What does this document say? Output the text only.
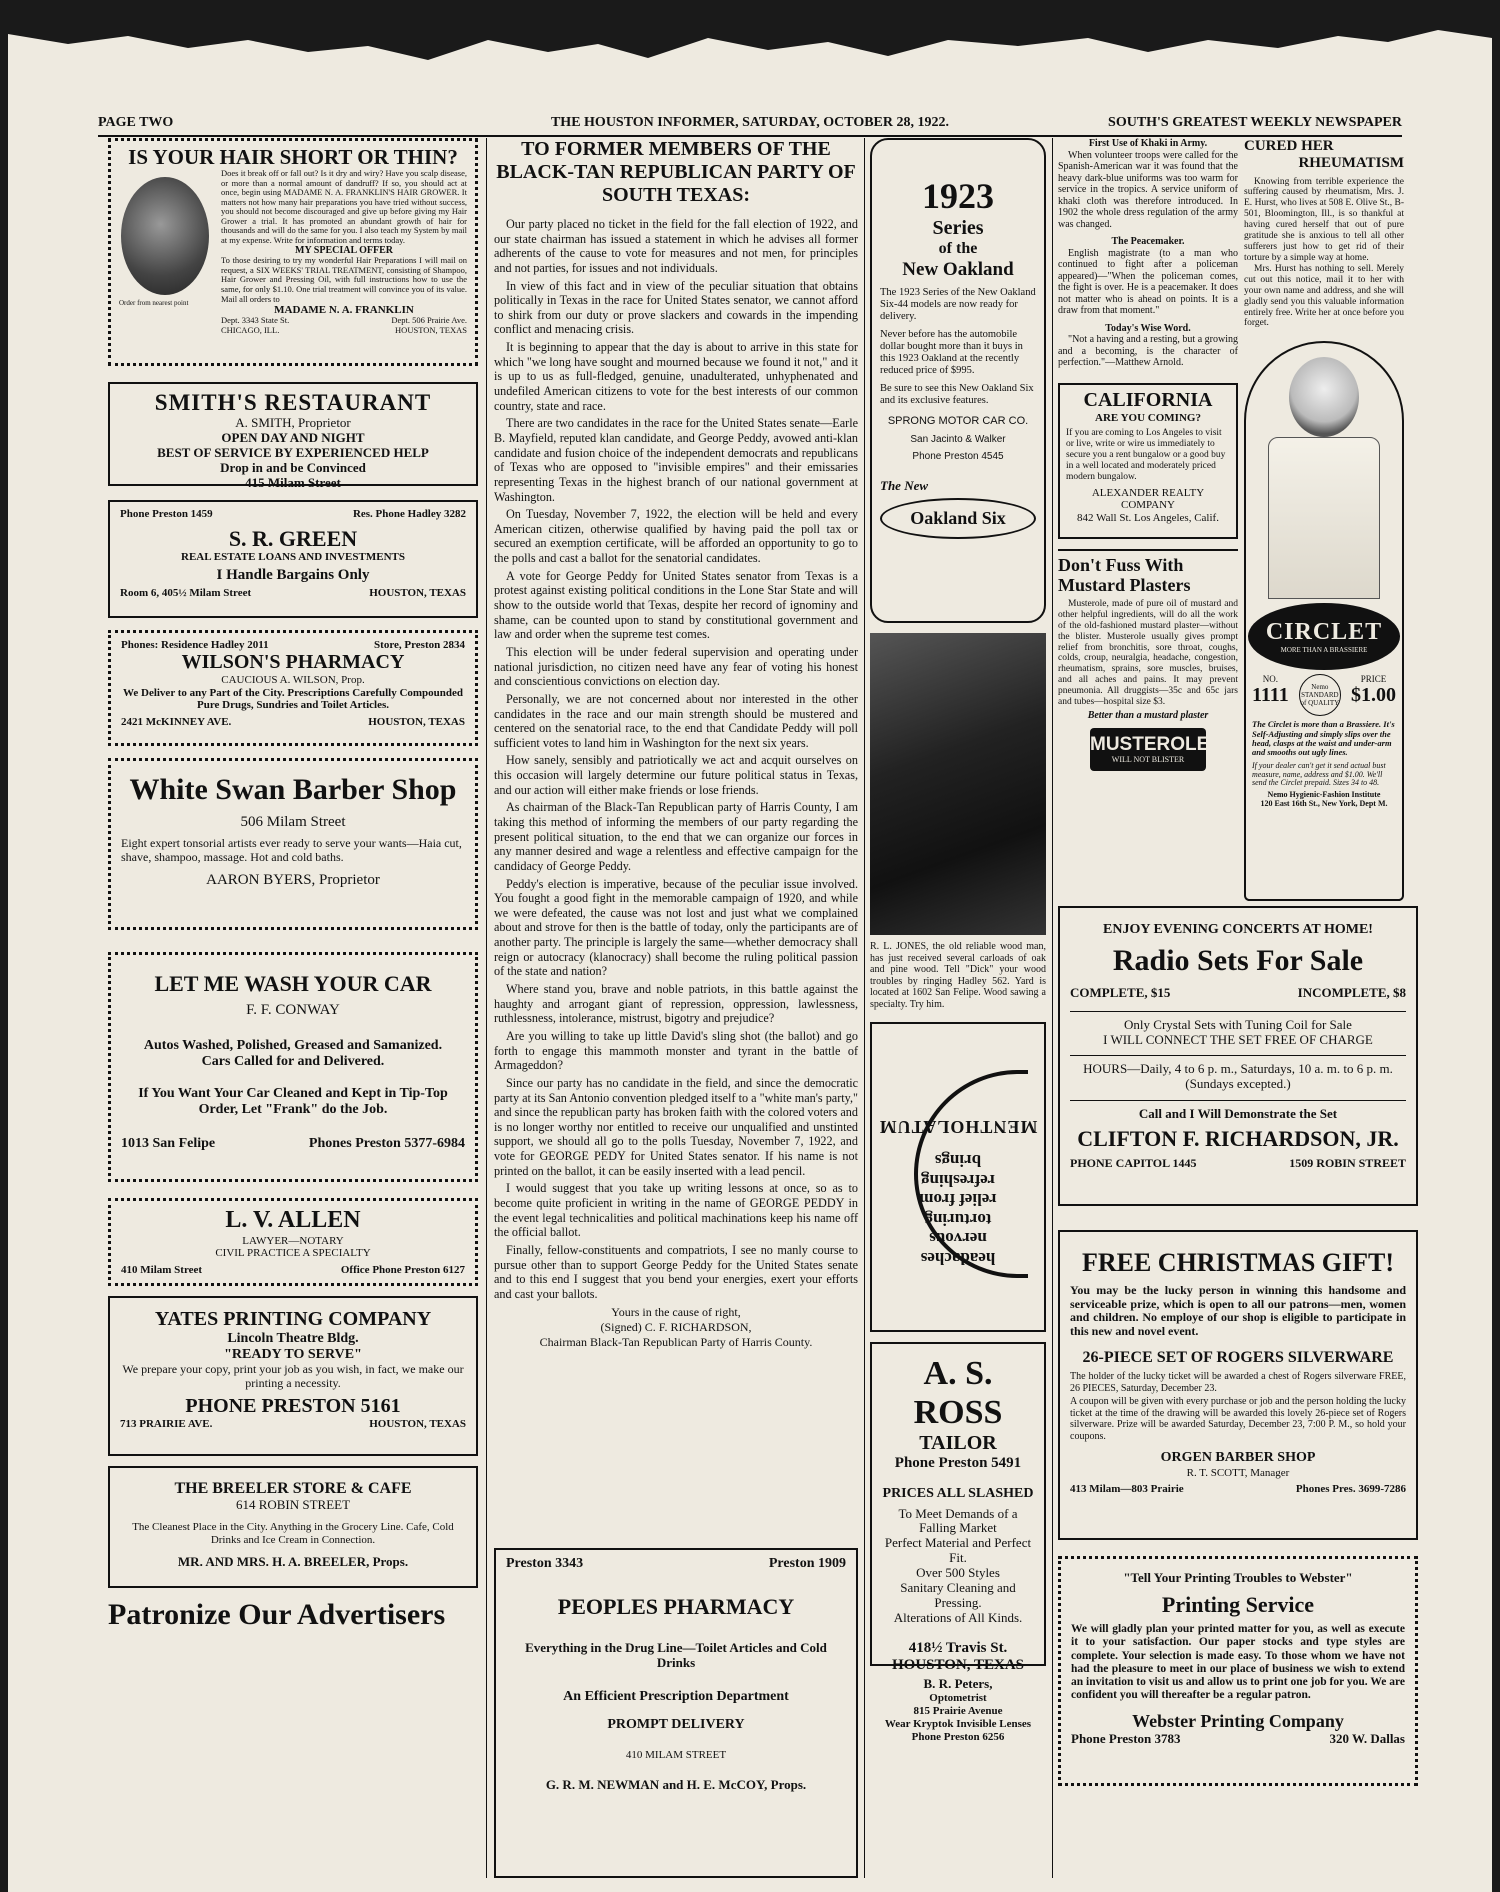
PAGE TWO	THE HOUSTON INFORMER, SATURDAY, OCTOBER 28, 1922.	SOUTH'S GREATEST WEEKLY NEWSPAPER
IS YOUR HAIR SHORT OR THIN?
Does it break off or fall out? Is it dry and wiry? Have you scalp disease, or more than a normal amount of dandruff? If so, you should act at once, begin using MADAME N. A. FRANKLIN'S HAIR GROWER. It matters not how many hair preparations you have tried without success, you should not become discouraged and give up before giving my Hair Grower a trial. It has promoted an abundant growth of hair for thousands and will do the same for you. I also teach my System by mail at my expense. Write for information and terms today.
MY SPECIAL OFFER
To those desiring to try my wonderful Hair Preparations I will mail on request, a SIX WEEKS' TRIAL TREATMENT, consisting of Shampoo, Hair Grower and Pressing Oil, with full instructions how to use the same, for only $1.10. One trial treatment will convince you of its value. Mail all orders to
MADAME N. A. FRANKLIN
Dept. 3343 State St.	Dept. 506 Prairie Ave.
CHICAGO, ILL.	HOUSTON, TEXAS
Order from nearest point
SMITH'S RESTAURANT
A. SMITH, Proprietor
OPEN DAY AND NIGHT
BEST OF SERVICE BY EXPERIENCED HELP
Drop in and be Convinced
415 Milam Street
Phone Preston 1459	Res. Phone Hadley 3282
S. R. GREEN
REAL ESTATE LOANS AND INVESTMENTS
I Handle Bargains Only
Room 6, 405½ Milam Street	HOUSTON, TEXAS
Phones: Residence Hadley 2011	Store, Preston 2834
WILSON'S PHARMACY
CAUCIOUS A. WILSON, Prop.
We Deliver to any Part of the City. Prescriptions Carefully Compounded
Pure Drugs, Sundries and Toilet Articles.
2421 McKINNEY AVE.	HOUSTON, TEXAS
White Swan Barber Shop
506 Milam Street
Eight expert tonsorial artists ever ready to serve your wants—Haia cut, shave, shampoo, massage. Hot and cold baths.
AARON BYERS, Proprietor
LET ME WASH YOUR CAR
F. F. CONWAY
Autos Washed, Polished, Greased and Samanized.
Cars Called for and Delivered.
If You Want Your Car Cleaned and Kept in Tip-Top Order, Let "Frank" do the Job.
1013 San Felipe	Phones Preston 5377-6984
L. V. ALLEN
LAWYER—NOTARY
CIVIL PRACTICE A SPECIALTY
410 Milam Street	Office Phone Preston 6127
YATES PRINTING COMPANY
Lincoln Theatre Bldg.
"READY TO SERVE"
We prepare your copy, print your job as you wish, in fact, we make our printing a necessity.
PHONE PRESTON 5161
713 PRAIRIE AVE.	HOUSTON, TEXAS
THE BREELER STORE & CAFE
614 ROBIN STREET
The Cleanest Place in the City. Anything in the Grocery Line. Cafe, Cold Drinks and Ice Cream in Connection.
MR. AND MRS. H. A. BREELER, Props.
Patronize Our Advertisers
TO FORMER MEMBERS OF THE BLACK-TAN REPUBLICAN PARTY OF SOUTH TEXAS:

Our party placed no ticket in the field for the fall election of 1922, and our state chairman has issued a statement in which he advises all former adherents of the cause to vote for measures and not men, for principles and not parties, for issues and not individuals.

In view of this fact and in view of the peculiar situation that obtains politically in Texas in the race for United States senator, we cannot afford to shirk from our duty or prove slackers and cowards in the impending conflict and menacing crisis.

It is beginning to appear that the day is about to arrive in this state for which "we long have sought and mourned because we found it not," and it is up to us as full-fledged, genuine, unadulterated, unhyphenated and undefiled American citizens to vote for the best interests of our common country, state and race.

There are two candidates in the race for the United States senate—Earle B. Mayfield, reputed klan candidate, and George Peddy, avowed anti-klan candidate and fusion choice of the independent democrats and republicans of Texas who are opposed to "invisible empires" and their emissaries representing Texas in the highest branch of our national government at Washington.

On Tuesday, November 7, 1922, the election will be held and every American citizen, otherwise qualified by having paid the poll tax or secured an exemption certificate, will be afforded an opportunity to go to the polls and cast a ballot for the senatorial candidates.

A vote for George Peddy for United States senator from Texas is a protest against existing political conditions in the Lone Star State and will show to the outside world that Texas, despite her record of ignominy and shame, can be counted upon to stand by constitutional government and law and order when the supreme test comes.

This election will be under federal supervision and operating under national jurisdiction, no citizen need have any fear of voting his honest and conscientious convictions on election day.

Personally, we are not concerned about nor interested in the other candidates in the race and our main strength should be mustered and centered on the senatorial race, to the end that Candidate Peddy will poll sufficient votes to land him in Washington for the next six years.

How sanely, sensibly and patriotically we act and acquit ourselves on this occasion will largely determine our future political status in Texas, and our action will either make friends or lose friends.

As chairman of the Black-Tan Republican party of Harris County, I am taking this method of informing the members of our party regarding the present political situation, to the end that we can organize our forces in any manner desired and wage a relentless and effective campaign for the candidacy of George Peddy.

Peddy's election is imperative, because of the peculiar issue involved. You fought a good fight in the memorable campaign of 1920, and while we were defeated, the cause was not lost and just what we complained about and strove for then is the battle of today, only the participants are of another party. The principle is largely the same—whether democracy shall reign or autocracy (klanocracy) shall become the ruling political passion of the state and nation?

Where stand you, brave and noble patriots, in this battle against the haughty and arrogant giant of repression, oppression, lawlessness, ruthlessness, intolerance, mistrust, bigotry and prejudice?

Are you willing to take up little David's sling shot (the ballot) and go forth to engage this mammoth monster and tyrant in the battle of Armageddon?

Since our party has no candidate in the field, and since the democratic party at its San Antonio convention pledged itself to a "white man's party," and since the republican party has broken faith with the colored voters and is no longer worthy nor entitled to receive our unqualified and unstinted support, we should all go to the polls Tuesday, November 7, 1922, and vote for GEORGE PEDY for United States senator. If his name is not printed on the ballot, it can be easily inserted with a lead pencil.

I would suggest that you take up writing lessons at once, so as to become quite proficient in writing in the name of GEORGE PEDDY in the event legal technicalities and political machinations keep his name off the official ballot.

Finally, fellow-constituents and compatriots, I see no manly course to pursue other than to support George Peddy for the United States senate and to this end I suggest that you bend your energies, exert your efforts and cast your ballots.

Yours in the cause of right,
(Signed) C. F. RICHARDSON,
Chairman Black-Tan Republican Party of Harris County.
Preston 3343	Preston 1909
PEOPLES PHARMACY
Everything in the Drug Line—Toilet Articles and Cold Drinks
An Efficient Prescription Department
PROMPT DELIVERY
410 MILAM STREET
G. R. M. NEWMAN and H. E. McCOY, Props.
1923
Series
of the
New Oakland
The 1923 Series of the New Oakland Six-44 models are now ready for delivery.
Never before has the automobile dollar bought more than it buys in this 1923 Oakland at the recently reduced price of $995.
Be sure to see this New Oakland Six and its exclusive features.
SPRONG MOTOR CAR CO.
San Jacinto & Walker
Phone Preston 4545
The New
Oakland Six
R. L. JONES, the old reliable wood man, has just received several carloads of oak and pine wood. Tell "Dick" your wood troubles by ringing Hadley 562. Yard is located at 1602 San Felipe. Wood sawing a specialty. Try him.
headaches
nervous
torturing
relief from
refreshing
brings
MENTHOLATUM
A. S. ROSS
TAILOR
Phone Preston 5491
PRICES ALL SLASHED
To Meet Demands of a Falling Market
Perfect Material and Perfect Fit.
Over 500 Styles
Sanitary Cleaning and Pressing.
Alterations of All Kinds.
418½ Travis St.
HOUSTON, TEXAS
B. R. Peters,
Optometrist
815 Prairie Avenue
Wear Kryptok Invisible Lenses
Phone Preston 6256
First Use of Khaki in Army.
When volunteer troops were called for the Spanish-American war it was found that the heavy dark-blue uniforms was too warm for service in the tropics. A service uniform of khaki cloth was therefore introduced. In 1902 the whole dress regulation of the army was changed.
The Peacemaker.
English magistrate (to a man who continued to fight after a policeman appeared)—"When the policeman comes, the fight is over. He is a peacemaker. It does not matter who is ahead on points. It is a draw from that moment."
Today's Wise Word.
"Not a having and a resting, but a growing and a becoming, is the character of perfection."—Matthew Arnold.
CALIFORNIA
ARE YOU COMING?
If you are coming to Los Angeles to visit or live, write or wire us immediately to secure you a rent bungalow or a good buy in a well located and moderately priced modern bungalow.
ALEXANDER REALTY COMPANY
842 Wall St. Los Angeles, Calif.
Don't Fuss With Mustard Plasters
Musterole, made of pure oil of mustard and other helpful ingredients, will do all the work of the old-fashioned mustard plaster—without the blister. Musterole usually gives prompt relief from bronchitis, sore throat, coughs, colds, croup, neuralgia, headache, congestion, rheumatism, sprains, sore muscles, bruises, and all aches and pains. It may prevent pneumonia. All druggists—35c and 65c jars and tubes—hospital size $3.
Better than a mustard plaster
MUSTEROLE
WILL NOT BLISTER
CURED HER
RHEUMATISM
Knowing from terrible experience the suffering caused by rheumatism, Mrs. J. E. Hurst, who lives at 508 E. Olive St., B-501, Bloomington, Ill., is so thankful at having cured herself that out of pure gratitude she is anxious to tell all other sufferers just how to get rid of their torture by a simple way at home.
Mrs. Hurst has nothing to sell. Merely cut out this notice, mail it to her with your own name and address, and she will gladly send you this valuable information entirely free. Write her at once before you forget.
CIRCLET
MORE THAN A BRASSIERE
NO.
1111	Nemo STANDARD of QUALITY
PRICE
$1.00
The Circlet is more than a Brassiere. It's Self-Adjusting and simply slips over the head, clasps at the waist and under-arm and smooths out ugly lines.
If your dealer can't get it send actual bust measure, name, address and $1.00. We'll send the Circlet prepaid. Sizes 34 to 48.
Nemo Hygienic-Fashion Institute
120 East 16th St., New York, Dept M.
ENJOY EVENING CONCERTS AT HOME!
Radio Sets For Sale
COMPLETE, $15	INCOMPLETE, $8
Only Crystal Sets with Tuning Coil for Sale
I WILL CONNECT THE SET FREE OF CHARGE
HOURS—Daily, 4 to 6 p. m., Saturdays, 10 a. m. to 6 p. m.
(Sundays excepted.)
Call and I Will Demonstrate the Set
CLIFTON F. RICHARDSON, JR.
PHONE CAPITOL 1445	1509 ROBIN STREET
FREE CHRISTMAS GIFT!
You may be the lucky person in winning this handsome and serviceable prize, which is open to all our patrons—men, women and children. No employe of our shop is eligible to participate in this new and novel event.
26-PIECE SET OF ROGERS SILVERWARE
The holder of the lucky ticket will be awarded a chest of Rogers silverware FREE, 26 PIECES, Saturday, December 23.
A coupon will be given with every purchase or job and the person holding the lucky ticket at the time of the drawing will be awarded this lovely 26-piece set of Rogers silverware. Prize will be awarded Saturday, December 23, 7:00 P. M., so hold your coupons.
ORGEN BARBER SHOP
R. T. SCOTT, Manager
413 Milam—803 Prairie	Phones Pres. 3699-7286
"Tell Your Printing Troubles to Webster"
Printing Service
We will gladly plan your printed matter for you, as well as execute it to your satisfaction. Our paper stocks and type styles are complete. Your selection is made easy. To those whom we have not had the pleasure to meet in our place of business we wish to extend an invitation to visit us and allow us to print one job for you. We are confident you will thereafter be a regular patron.
Webster Printing Company
Phone Preston 3783	320 W. Dallas
